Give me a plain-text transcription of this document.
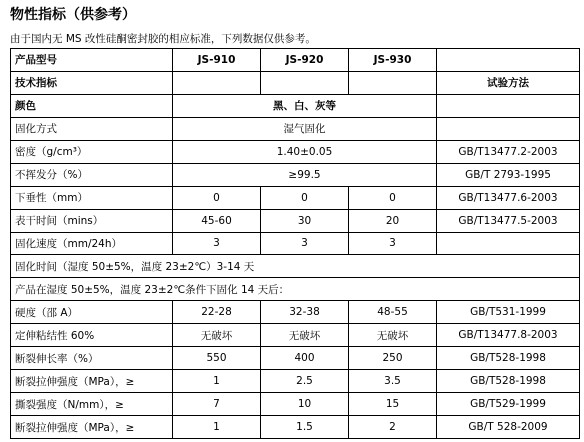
物性指标（供参考）
由于国内无 MS 改性硅酮密封胶的相应标准，下列数据仅供参考。
产品型号	JS-910	JS-920	JS-930	
技术指标				试验方法
颜色	黑、白、灰等			
固化方式	湿气固化			
密度（g/cm³）	1.40±0.05			GB/T13477.2-2003
不挥发分（%）	≥99.5			GB/T 2793-1995
下垂性（mm）	0	0	0	GB/T13477.6-2003
表干时间（mins）	45-60	30	20	GB/T13477.5-2003
固化速度（mm/24h）	3	3	3	
固化时间（湿度 50±5%，温度 23±2℃）3-14 天				
产品在湿度 50±5%，温度 23±2℃条件下固化 14 天后：				
硬度（邵 A）	22-28	32-38	48-55	GB/T531-1999
定伸粘结性 60%	无破坏	无破坏	无破坏	GB/T13477.8-2003
断裂伸长率（%）	550	400	250	GB/T528-1998
断裂拉伸强度（MPa），≥	1	2.5	3.5	GB/T528-1998
撕裂强度（N/mm），≥	7	10	15	GB/T529-1999
断裂拉伸强度（MPa），≥	1	1.5	2	GB/T 528-2009
